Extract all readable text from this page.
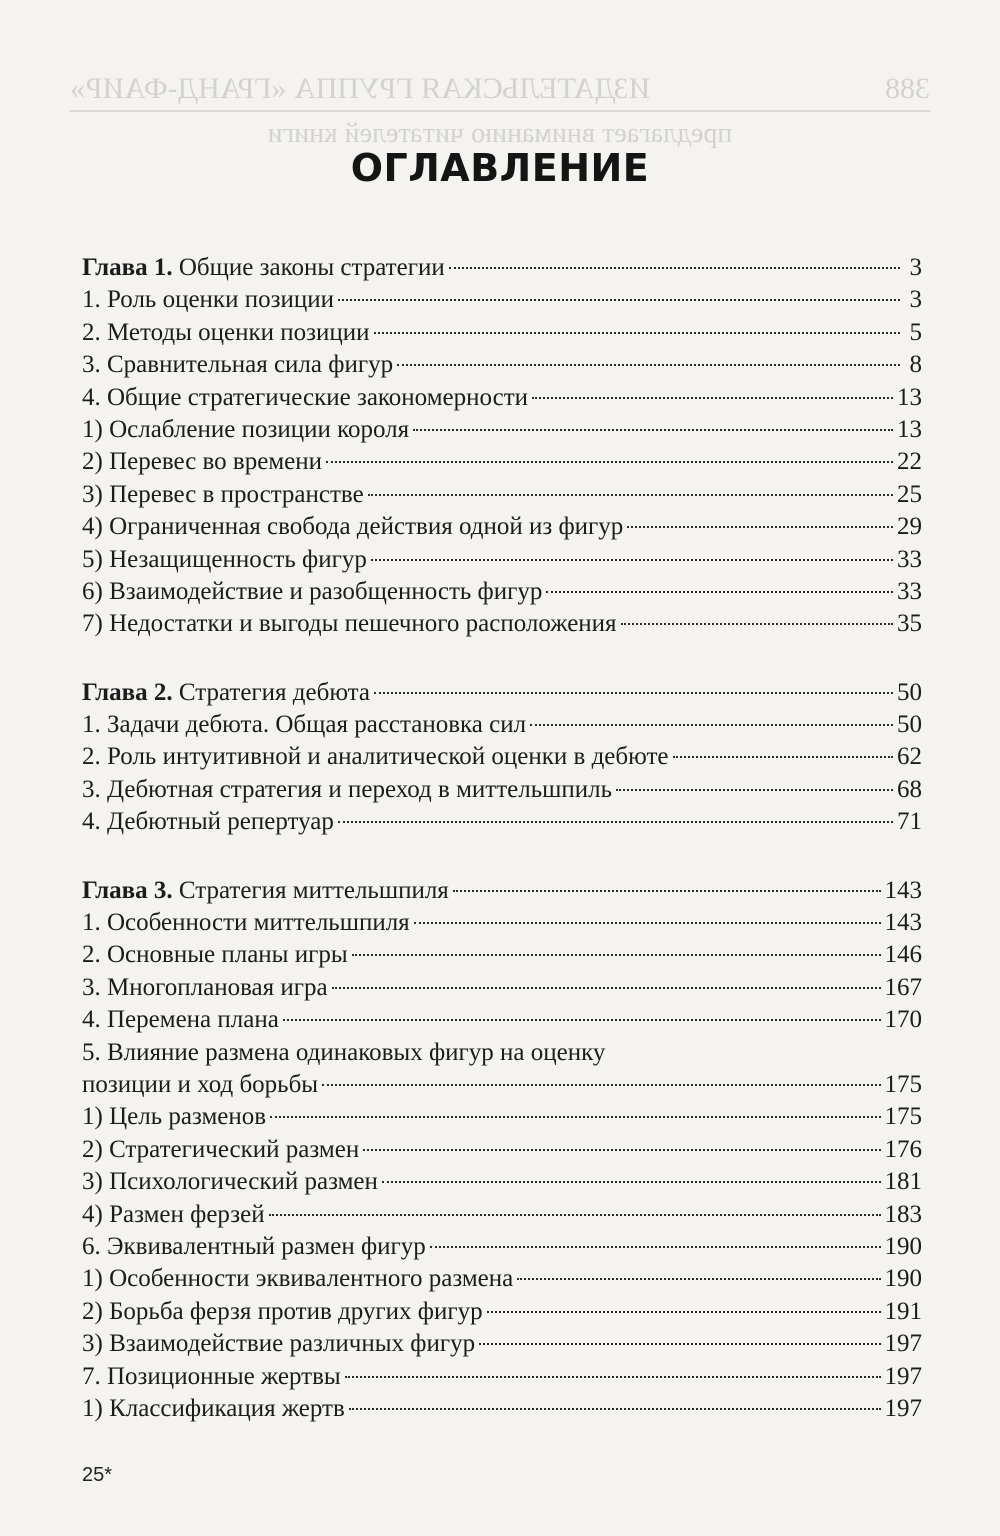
388
ИЗДАТЕЛЬСКАЯ ГРУППА «ГРАНД-ФАИР»
предлагает вниманию читателей книги
ОГЛАВЛЕНИЕ
Глава 1. Общие законы стратегии	3
1. Роль оценки позиции	3
2. Методы оценки позиции	5
3. Сравнительная сила фигур	8
4. Общие стратегические закономерности	13
1) Ослабление позиции короля	13
2) Перевес во времени	22
3) Перевес в пространстве	25
4) Ограниченная свобода действия одной из фигур	29
5) Незащищенность фигур	33
6) Взаимодействие и разобщенность фигур	33
7) Недостатки и выгоды пешечного расположения	35
Глава 2. Стратегия дебюта	50
1. Задачи дебюта. Общая расстановка сил	50
2. Роль интуитивной и аналитической оценки в дебюте	62
3. Дебютная стратегия и переход в миттельшпиль	68
4. Дебютный репертуар	71
Глава 3. Стратегия миттельшпиля	143
1. Особенности миттельшпиля	143
2. Основные планы игры	146
3. Многоплановая игра	167
4. Перемена плана	170
5. Влияние размена одинаковых фигур на оценку
позиции и ход борьбы	175
1) Цель разменов	175
2) Стратегический размен	176
3) Психологический размен	181
4) Размен ферзей	183
6. Эквивалентный размен фигур	190
1) Особенности эквивалентного размена	190
2) Борьба ферзя против других фигур	191
3) Взаимодействие различных фигур	197
7. Позиционные жертвы	197
1) Классификация жертв	197
25*
